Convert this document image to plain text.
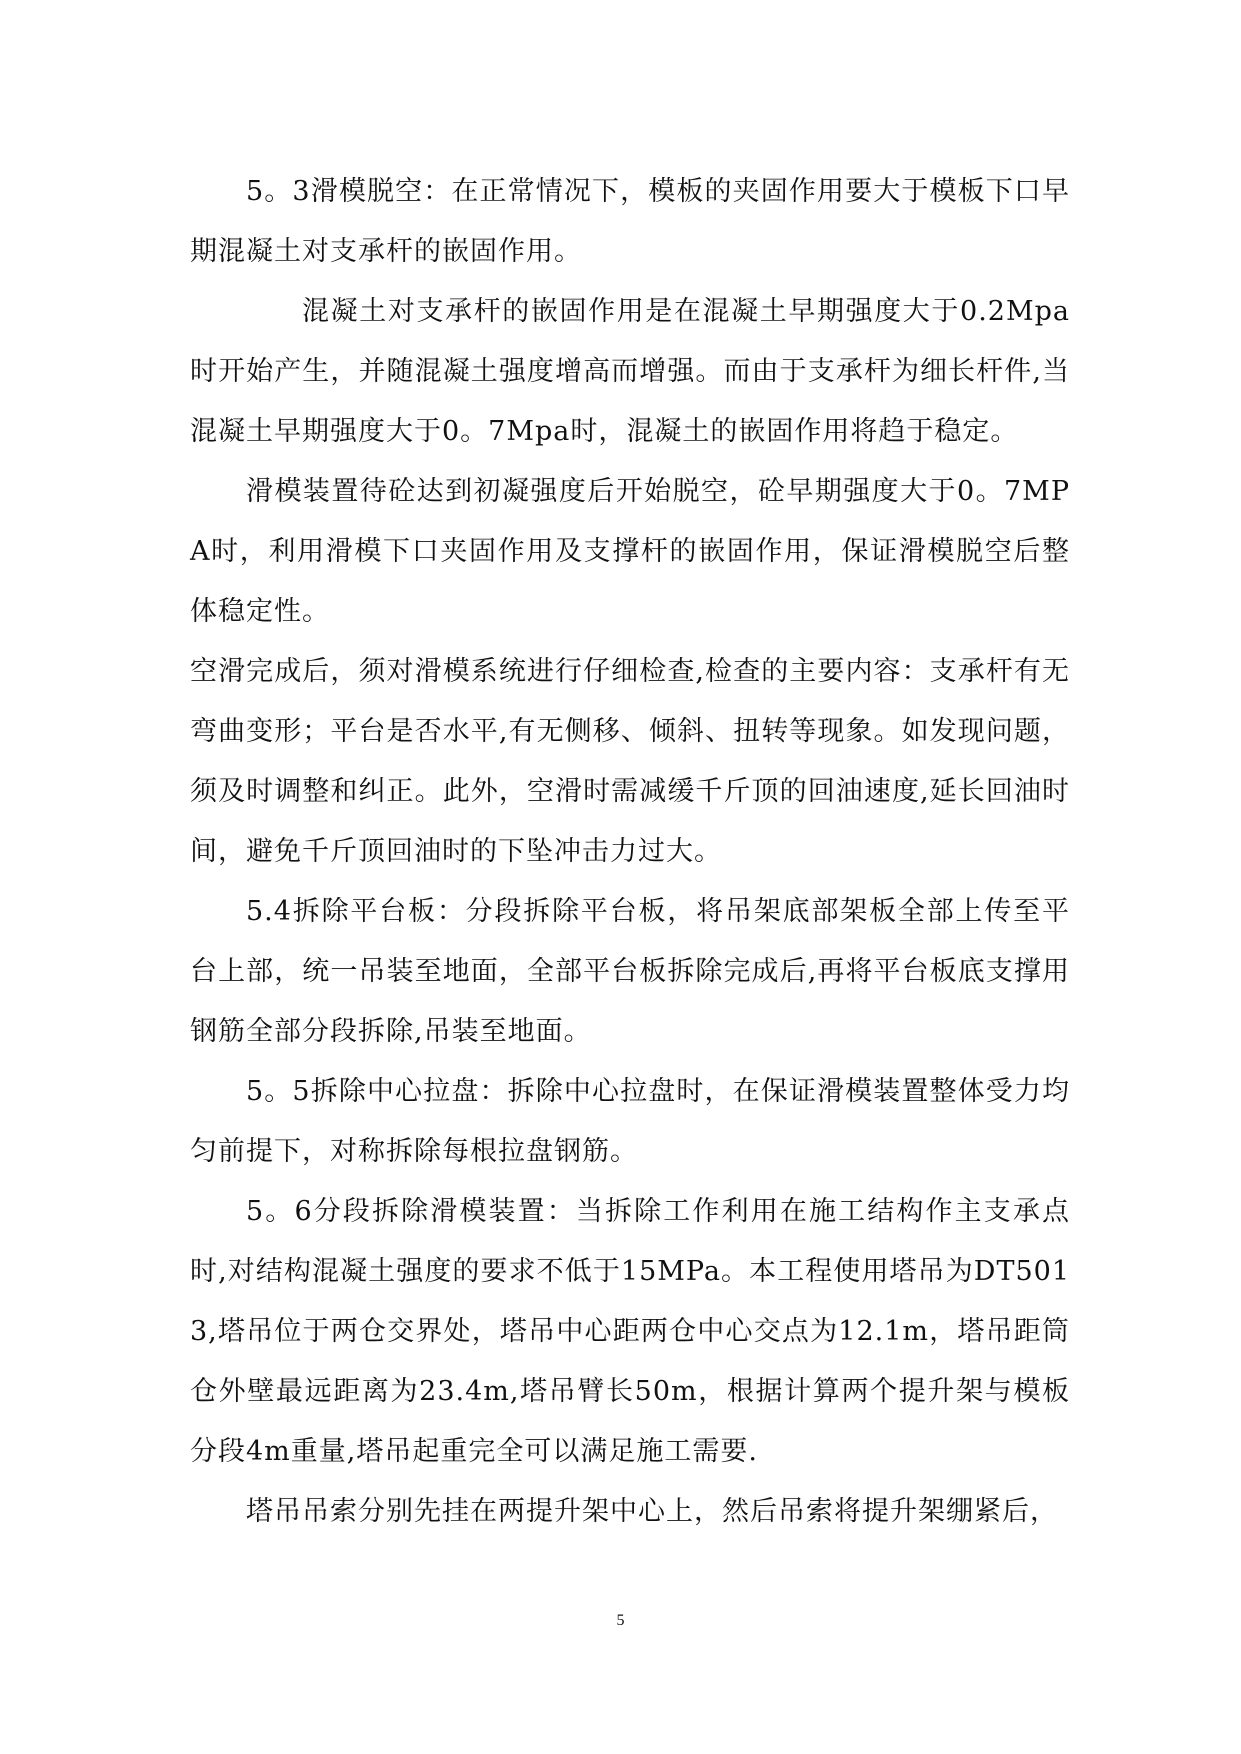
5。3滑模脱空：在正常情况下，模板的夹固作用要大于模板下口早期混凝土对支承杆的嵌固作用。

混凝土对支承杆的嵌固作用是在混凝土早期强度大于0.2Mpa时开始产生，并随混凝土强度增高而增强。而由于支承杆为细长杆件,当混凝土早期强度大于0。7Mpa时，混凝土的嵌固作用将趋于稳定。

滑模装置待砼达到初凝强度后开始脱空，砼早期强度大于0。7MPA时，利用滑模下口夹固作用及支撑杆的嵌固作用，保证滑模脱空后整体稳定性。

空滑完成后，须对滑模系统进行仔细检查,检查的主要内容：支承杆有无弯曲变形；平台是否水平,有无侧移、倾斜、扭转等现象。如发现问题，须及时调整和纠正。此外，空滑时需减缓千斤顶的回油速度,延长回油时间，避免千斤顶回油时的下坠冲击力过大。

5.4拆除平台板：分段拆除平台板，将吊架底部架板全部上传至平台上部，统一吊装至地面，全部平台板拆除完成后,再将平台板底支撑用钢筋全部分段拆除,吊装至地面。

5。5拆除中心拉盘：拆除中心拉盘时，在保证滑模装置整体受力均匀前提下，对称拆除每根拉盘钢筋。

5。6分段拆除滑模装置：当拆除工作利用在施工结构作主支承点时,对结构混凝土强度的要求不低于15MPa。本工程使用塔吊为DT5013,塔吊位于两仓交界处，塔吊中心距两仓中心交点为12.1m，塔吊距筒仓外壁最远距离为23.4m,塔吊臂长50m，根据计算两个提升架与模板分段4m重量,塔吊起重完全可以满足施工需要.

塔吊吊索分别先挂在两提升架中心上，然后吊索将提升架绷紧后，

5
